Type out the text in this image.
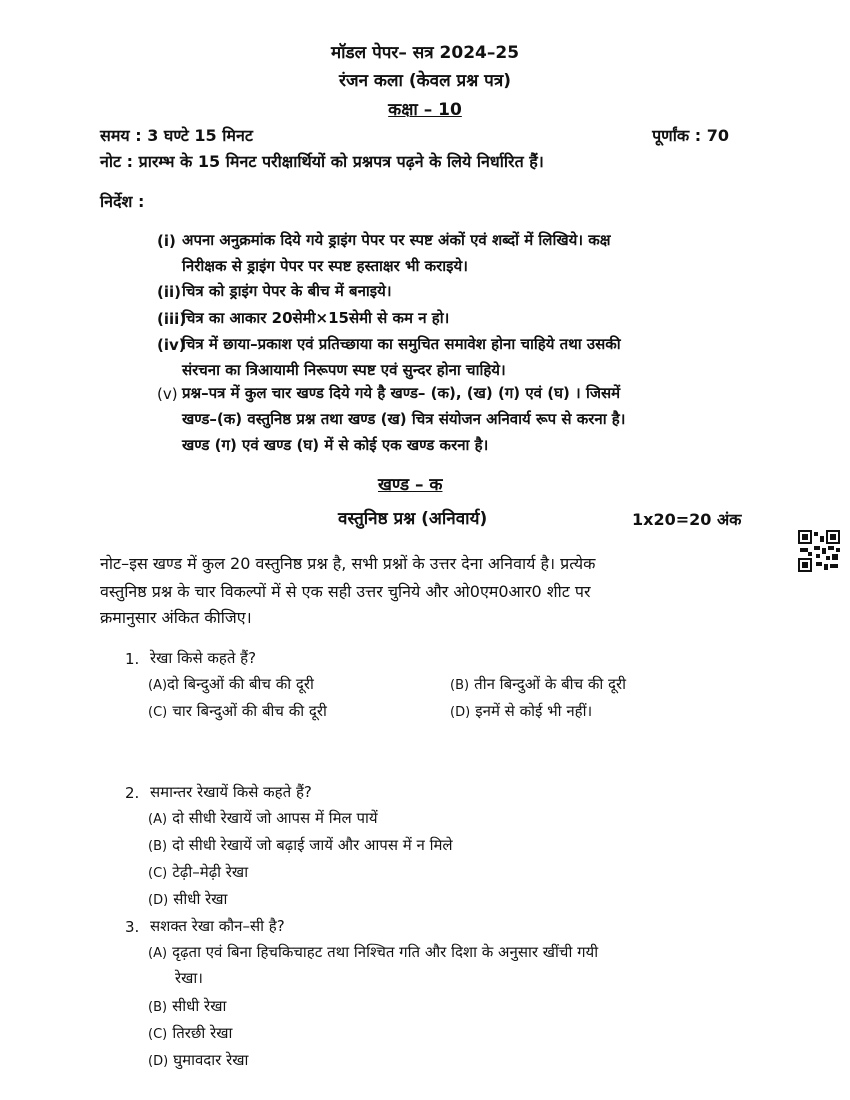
मॉडल पेपर– सत्र 2024–25
रंजन कला (केवल प्रश्न पत्र)
कक्षा – 10
समय : 3 घण्टे 15 मिनट	पूर्णांक : 70
नोट : प्रारम्भ के 15 मिनट परीक्षार्थियों को प्रश्नपत्र पढ़ने के लिये निर्धारित हैं।
निर्देश :
(i) अपना अनुक्रमांक दिये गये ड्राइंग पेपर पर स्पष्ट अंकों एवं शब्दों में लिखिये। कक्ष
निरीक्षक से ड्राइंग पेपर पर स्पष्ट हस्ताक्षर भी कराइये।
(ii) चित्र को ड्राइंग पेपर के बीच में बनाइये।
(iii)
चित्र का आकार 20सेमी×15सेमी से कम न हो।
(iv)
चित्र में छाया–प्रकाश एवं प्रतिच्छाया का समुचित समावेश होना चाहिये तथा उसकी
संरचना का त्रिआयामी निरूपण स्पष्ट एवं सुन्दर होना चाहिये।
(v) प्रश्न–पत्र में कुल चार खण्ड दिये गये है खण्ड– (क), (ख) (ग) एवं (घ) । जिसमें
खण्ड–(क) वस्तुनिष्ठ प्रश्न तथा खण्ड (ख) चित्र संयोजन अनिवार्य रूप से करना है।
खण्ड (ग) एवं खण्ड (घ) में से कोई एक खण्ड करना है।
खण्ड – क
वस्तुनिष्ठ प्रश्न (अनिवार्य)	1x20=20 अंक
नोट–इस खण्ड में कुल 20 वस्तुनिष्ठ प्रश्न है, सभी प्रश्नों के उत्तर देना अनिवार्य है। प्रत्येक
वस्तुनिष्ठ प्रश्न के चार विकल्पों में से एक सही उत्तर चुनिये और ओ0एम0आर0 शीट पर
क्रमानुसार अंकित कीजिए।
1. रेखा किसे कहते हैं?
(A)दो बिन्दुओं की बीच की दूरी	(B) तीन बिन्दुओं के बीच की दूरी
(C) चार बिन्दुओं की बीच की दूरी	(D) इनमें से कोई भी नहीं।
2. समान्तर रेखायें किसे कहते हैं?
(A) दो सीधी रेखायें जो आपस में मिल पायें
(B) दो सीधी रेखायें जो बढ़ाई जायें और आपस में न मिले
(C) टेढ़ी–मेढ़ी रेखा
(D) सीधी रेखा
3. सशक्त रेखा कौन–सी है?
(A) दृढ़ता एवं बिना हिचकिचाहट तथा निश्चित गति और दिशा के अनुसार खींची गयी
रेखा।
(B) सीधी रेखा
(C) तिरछी रेखा
(D) घुमावदार रेखा
